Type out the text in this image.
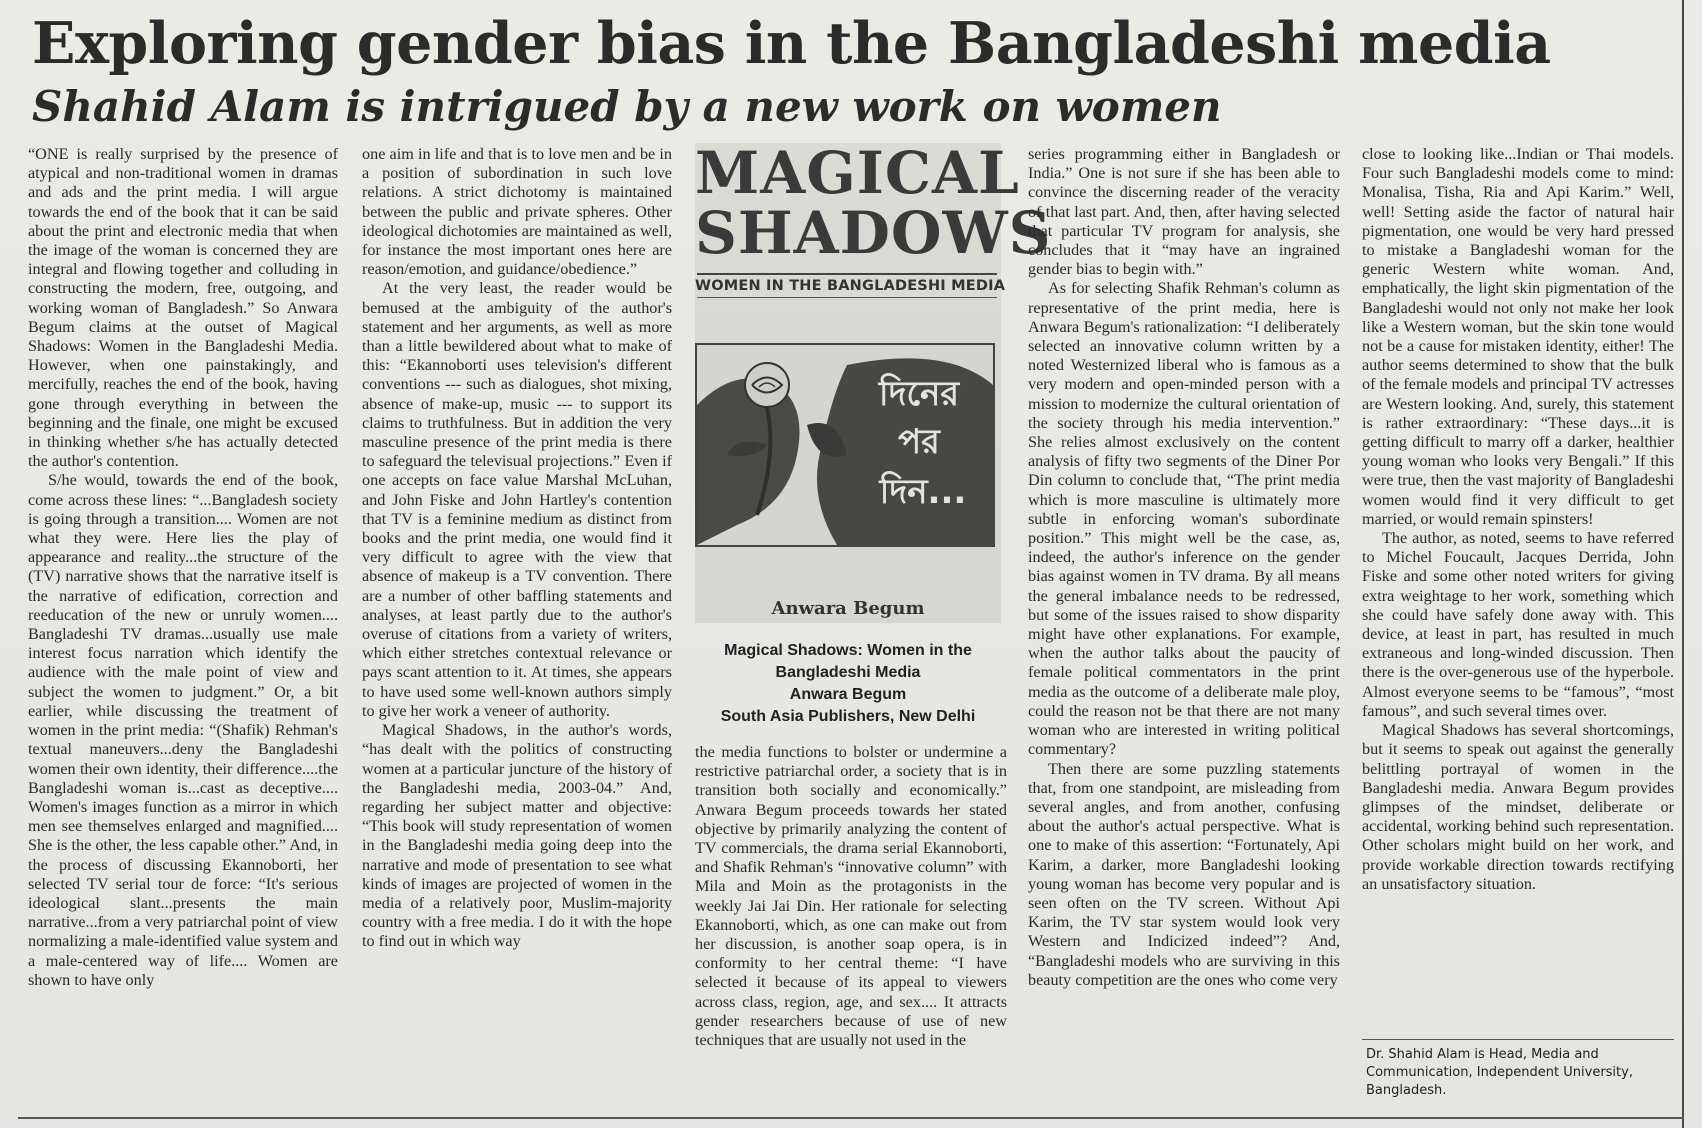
Exploring gender bias in the Bangladeshi media
Shahid Alam is intrigued by a new work on women

“ONE is really surprised by the presence of atypical and non-traditional women in dramas and ads and the print media. I will argue towards the end of the book that it can be said about the print and electronic media that when the image of the woman is concerned they are integral and flowing together and colluding in constructing the modern, free, outgoing, and working woman of Bangladesh.” So Anwara Begum claims at the outset of Magical Shadows: Women in the Bangladeshi Media. However, when one painstakingly, and mercifully, reaches the end of the book, having gone through everything in between the beginning and the finale, one might be excused in thinking whether s/he has actually detected the author's contention.

S/he would, towards the end of the book, come across these lines: “...Bangladesh society is going through a transition.... Women are not what they were. Here lies the play of appearance and reality...the structure of the (TV) narrative shows that the narrative itself is the narrative of edification, correction and reeducation of the new or unruly women.... Bangladeshi TV dramas...usually use male interest focus narration which identify the audience with the male point of view and subject the women to judgment.” Or, a bit earlier, while discussing the treatment of women in the print media: “(Shafik) Rehman's textual maneuvers...deny the Bangladeshi women their own identity, their difference....the Bangladeshi woman is...cast as deceptive.... Women's images function as a mirror in which men see themselves enlarged and magnified.... She is the other, the less capable other.” And, in the process of discussing Ekannoborti, her selected TV serial tour de force: “It's serious ideological slant...presents the main narrative...from a very patriarchal point of view normalizing a male-identified value system and a male-centered way of life.... Women are shown to have only

one aim in life and that is to love men and be in a position of subordination in such love relations. A strict dichotomy is maintained between the public and private spheres. Other ideological dichotomies are maintained as well, for instance the most important ones here are reason/emotion, and guidance/obedience.”

At the very least, the reader would be bemused at the ambiguity of the author's statement and her arguments, as well as more than a little bewildered about what to make of this: “Ekannoborti uses television's different conventions --- such as dialogues, shot mixing, absence of make-up, music --- to support its claims to truthfulness. But in addition the very masculine presence of the print media is there to safeguard the televisual projections.” Even if one accepts on face value Marshal McLuhan, and John Fiske and John Hartley's contention that TV is a feminine medium as distinct from books and the print media, one would find it very difficult to agree with the view that absence of makeup is a TV convention. There are a number of other baffling statements and analyses, at least partly due to the author's overuse of citations from a variety of writers, which either stretches contextual relevance or pays scant attention to it. At times, she appears to have used some well-known authors simply to give her work a veneer of authority.

Magical Shadows, in the author's words, “has dealt with the politics of constructing women at a particular juncture of the history of the Bangladeshi media, 2003-04.” And, regarding her subject matter and objective: “This book will study representation of women in the Bangladeshi media going deep into the narrative and mode of presentation to see what kinds of images are projected of women in the media of a relatively poor, Muslim-majority country with a free media. I do it with the hope to find out in which way

MAGICAL
SHADOWS
WOMEN IN THE BANGLADESHI MEDIA
দিনের
পর
দিন...
Anwara Begum
Magical Shadows: Women in the
Bangladeshi Media
Anwara Begum
South Asia Publishers, New Delhi

the media functions to bolster or undermine a restrictive patriarchal order, a society that is in transition both socially and economically.” Anwara Begum proceeds towards her stated objective by primarily analyzing the content of TV commercials, the drama serial Ekannoborti, and Shafik Rehman's “innovative column” with Mila and Moin as the protagonists in the weekly Jai Jai Din. Her rationale for selecting Ekannoborti, which, as one can make out from her discussion, is another soap opera, is in conformity to her central theme: “I have selected it because of its appeal to viewers across class, region, age, and sex.... It attracts gender researchers because of use of new techniques that are usually not used in the

series programming either in Bangladesh or India.” One is not sure if she has been able to convince the discerning reader of the veracity of that last part. And, then, after having selected that particular TV program for analysis, she concludes that it “may have an ingrained gender bias to begin with.”

As for selecting Shafik Rehman's column as representative of the print media, here is Anwara Begum's rationalization: “I deliberately selected an innovative column written by a noted Westernized liberal who is famous as a very modern and open-minded person with a mission to modernize the cultural orientation of the society through his media intervention.” She relies almost exclusively on the content analysis of fifty two segments of the Diner Por Din column to conclude that, “The print media which is more masculine is ultimately more subtle in enforcing woman's subordinate position.” This might well be the case, as, indeed, the author's inference on the gender bias against women in TV drama. By all means the general imbalance needs to be redressed, but some of the issues raised to show disparity might have other explanations. For example, when the author talks about the paucity of female political commentators in the print media as the outcome of a deliberate male ploy, could the reason not be that there are not many woman who are interested in writing political commentary?

Then there are some puzzling statements that, from one standpoint, are misleading from several angles, and from another, confusing about the author's actual perspective. What is one to make of this assertion: “Fortunately, Api Karim, a darker, more Bangladeshi looking young woman has become very popular and is seen often on the TV screen. Without Api Karim, the TV star system would look very Western and Indicized indeed”? And, “Bangladeshi models who are surviving in this beauty competition are the ones who come very

close to looking like...Indian or Thai models. Four such Bangladeshi models come to mind: Monalisa, Tisha, Ria and Api Karim.” Well, well! Setting aside the factor of natural hair pigmentation, one would be very hard pressed to mistake a Bangladeshi woman for the generic Western white woman. And, emphatically, the light skin pigmentation of the Bangladeshi would not only not make her look like a Western woman, but the skin tone would not be a cause for mistaken identity, either! The author seems determined to show that the bulk of the female models and principal TV actresses are Western looking. And, surely, this statement is rather extraordinary: “These days...it is getting difficult to marry off a darker, healthier young woman who looks very Bengali.” If this were true, then the vast majority of Bangladeshi women would find it very difficult to get married, or would remain spinsters!

The author, as noted, seems to have referred to Michel Foucault, Jacques Derrida, John Fiske and some other noted writers for giving extra weightage to her work, something which she could have safely done away with. This device, at least in part, has resulted in much extraneous and long-winded discussion. Then there is the over-generous use of the hyperbole. Almost everyone seems to be “famous”, “most famous”, and such several times over.

Magical Shadows has several shortcomings, but it seems to speak out against the generally belittling portrayal of women in the Bangladeshi media. Anwara Begum provides glimpses of the mindset, deliberate or accidental, working behind such representation. Other scholars might build on her work, and provide workable direction towards rectifying an unsatisfactory situation.

Dr. Shahid Alam is Head, Media and Communication, Independent University, Bangladesh.
